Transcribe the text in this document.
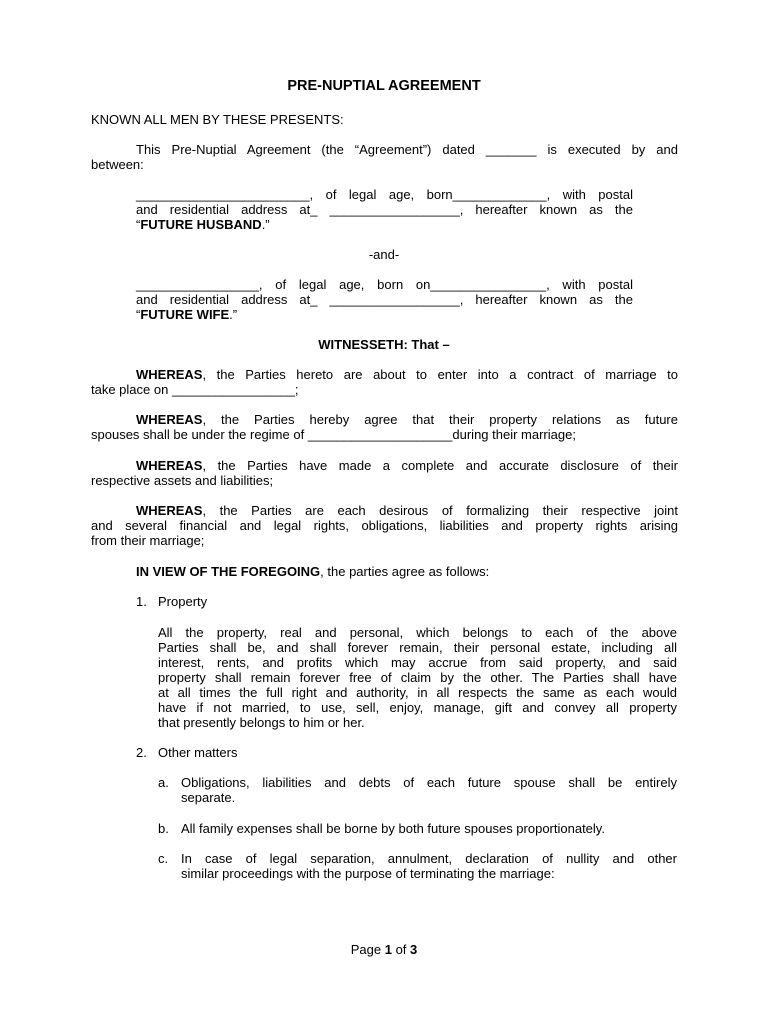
PRE-NUPTIAL AGREEMENT
KNOWN ALL MEN BY THESE PRESENTS:
This Pre-Nuptial Agreement (the “Agreement”) dated _______ is executed by and
between:
________________________, of legal age, born_____________, with postal
and residential address at_ __________________, hereafter known as the
“FUTURE HUSBAND.”
-and-
_________________, of legal age, born on________________, with postal
and residential address at_ __________________, hereafter known as the
“FUTURE WIFE.”
WITNESSETH: That –
WHEREAS, the Parties hereto are about to enter into a contract of marriage to
take place on _________________;
WHEREAS, the Parties hereby agree that their property relations as future
spouses shall be under the regime of ____________________during their marriage;
WHEREAS, the Parties have made a complete and accurate disclosure of their
respective assets and liabilities;
WHEREAS, the Parties are each desirous of formalizing their respective joint
and several financial and legal rights, obligations, liabilities and property rights arising
from their marriage;
IN VIEW OF THE FOREGOING, the parties agree as follows:
1. Property
All the property, real and personal, which belongs to each of the above
Parties shall be, and shall forever remain, their personal estate, including all
interest, rents, and profits which may accrue from said property, and said
property shall remain forever free of claim by the other. The Parties shall have
at all times the full right and authority, in all respects the same as each would
have if not married, to use, sell, enjoy, manage, gift and convey all property
that presently belongs to him or her.
2. Other matters
a. Obligations, liabilities and debts of each future spouse shall be entirely
separate.
b. All family expenses shall be borne by both future spouses proportionately.
c. In case of legal separation, annulment, declaration of nullity and other
similar proceedings with the purpose of terminating the marriage:
Page 1 of 3
